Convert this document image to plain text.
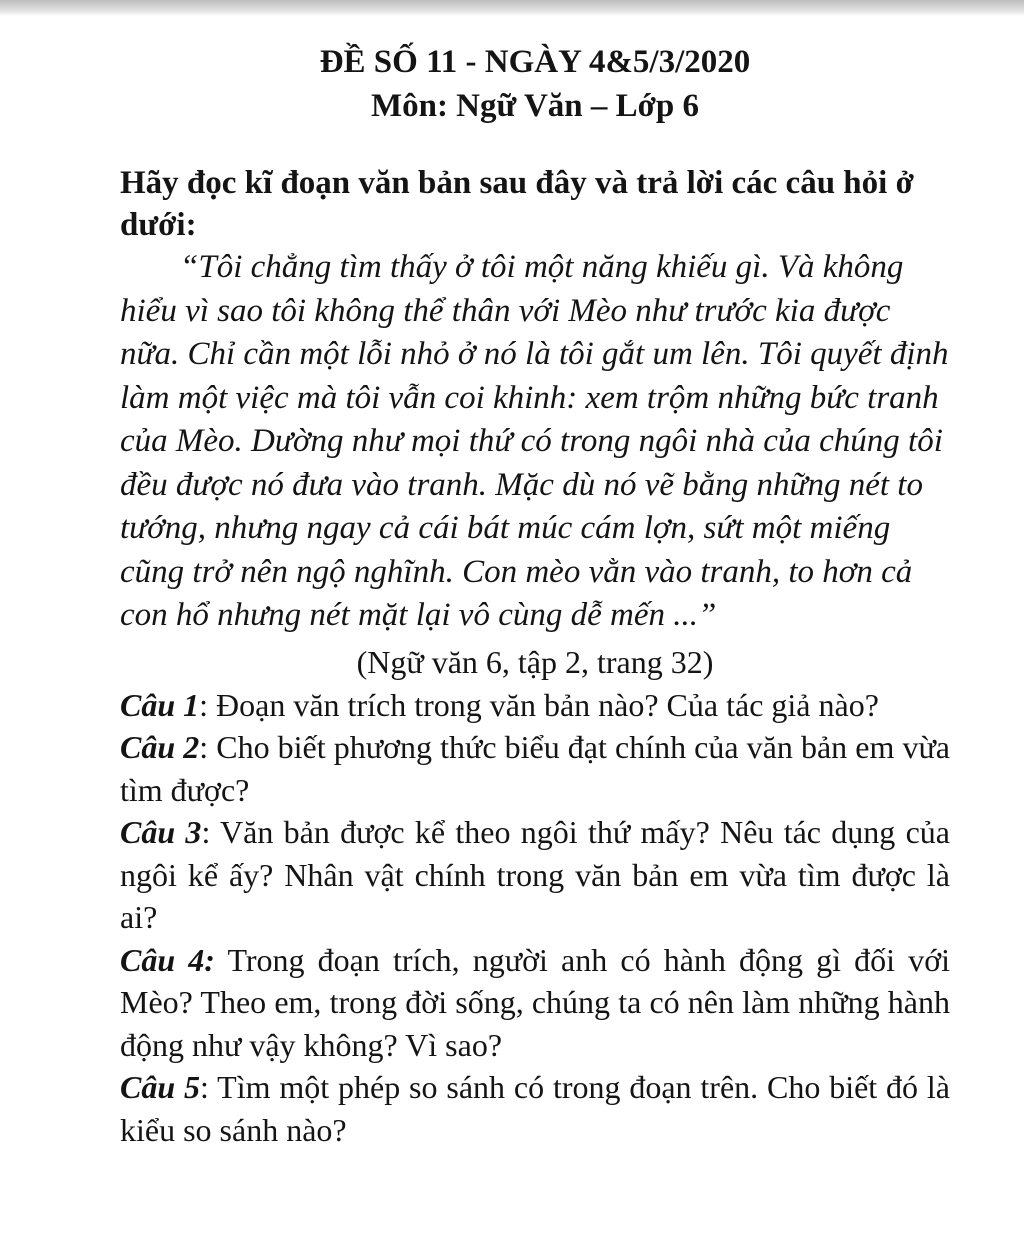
ĐỀ SỐ 11 - NGÀY 4&5/3/2020

Môn: Ngữ Văn – Lớp 6

Hãy đọc kĩ đoạn văn bản sau đây và trả lời các câu hỏi ở dưới:

“Tôi chẳng tìm thấy ở tôi một năng khiếu gì. Và không hiểu vì sao tôi không thể thân với Mèo như trước kia được nữa. Chỉ cần một lỗi nhỏ ở nó là tôi gắt um lên. Tôi quyết định làm một việc mà tôi vẫn coi khinh: xem trộm những bức tranh của Mèo. Dường như mọi thứ có trong ngôi nhà của chúng tôi đều được nó đưa vào tranh. Mặc dù nó vẽ bằng những nét to tướng, nhưng ngay cả cái bát múc cám lợn, sứt một miếng cũng trở nên ngộ nghĩnh. Con mèo vằn vào tranh, to hơn cả con hổ nhưng nét mặt lại vô cùng dễ mến ...”

(Ngữ văn 6, tập 2, trang 32)

Câu 1: Đoạn văn trích trong văn bản nào? Của tác giả nào?

Câu 2: Cho biết phương thức biểu đạt chính của văn bản em vừa tìm được?

Câu 3: Văn bản được kể theo ngôi thứ mấy? Nêu tác dụng của ngôi kể ấy? Nhân vật chính trong văn bản em vừa tìm được là ai?

Câu 4: Trong đoạn trích, người anh có hành động gì đối với Mèo? Theo em, trong đời sống, chúng ta có nên làm những hành động như vậy không? Vì sao?

Câu 5: Tìm một phép so sánh có trong đoạn trên. Cho biết đó là kiểu so sánh nào?
